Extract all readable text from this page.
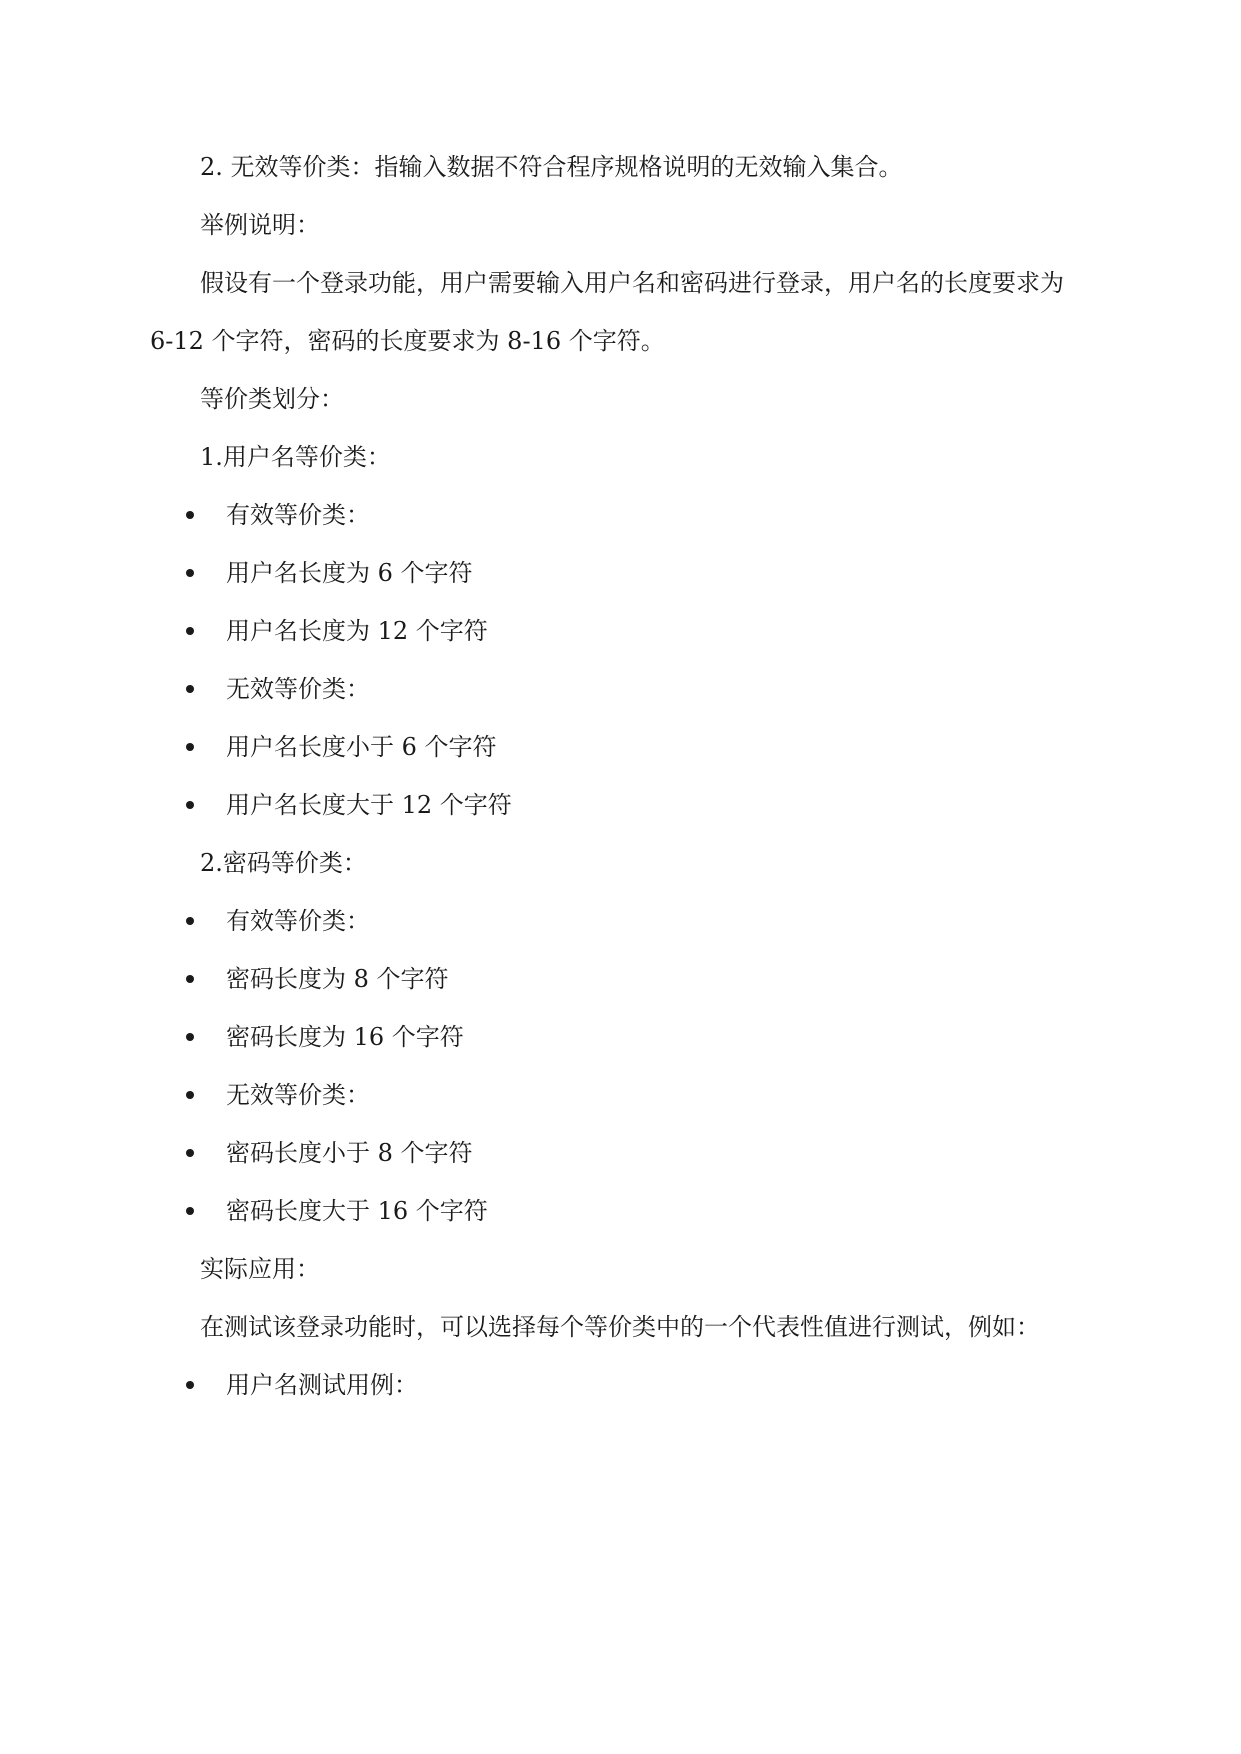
2. 无效等价类：指输入数据不符合程序规格说明的无效输入集合。
举例说明：
假设有一个登录功能，用户需要输入用户名和密码进行登录，用户名的长度要求为
6-12 个字符，密码的长度要求为 8-16 个字符。
等价类划分：
1.用户名等价类：
有效等价类：
用户名长度为 6 个字符
用户名长度为 12 个字符
无效等价类：
用户名长度小于 6 个字符
用户名长度大于 12 个字符
2.密码等价类：
有效等价类：
密码长度为 8 个字符
密码长度为 16 个字符
无效等价类：
密码长度小于 8 个字符
密码长度大于 16 个字符
实际应用：
在测试该登录功能时，可以选择每个等价类中的一个代表性值进行测试，例如：
用户名测试用例：
